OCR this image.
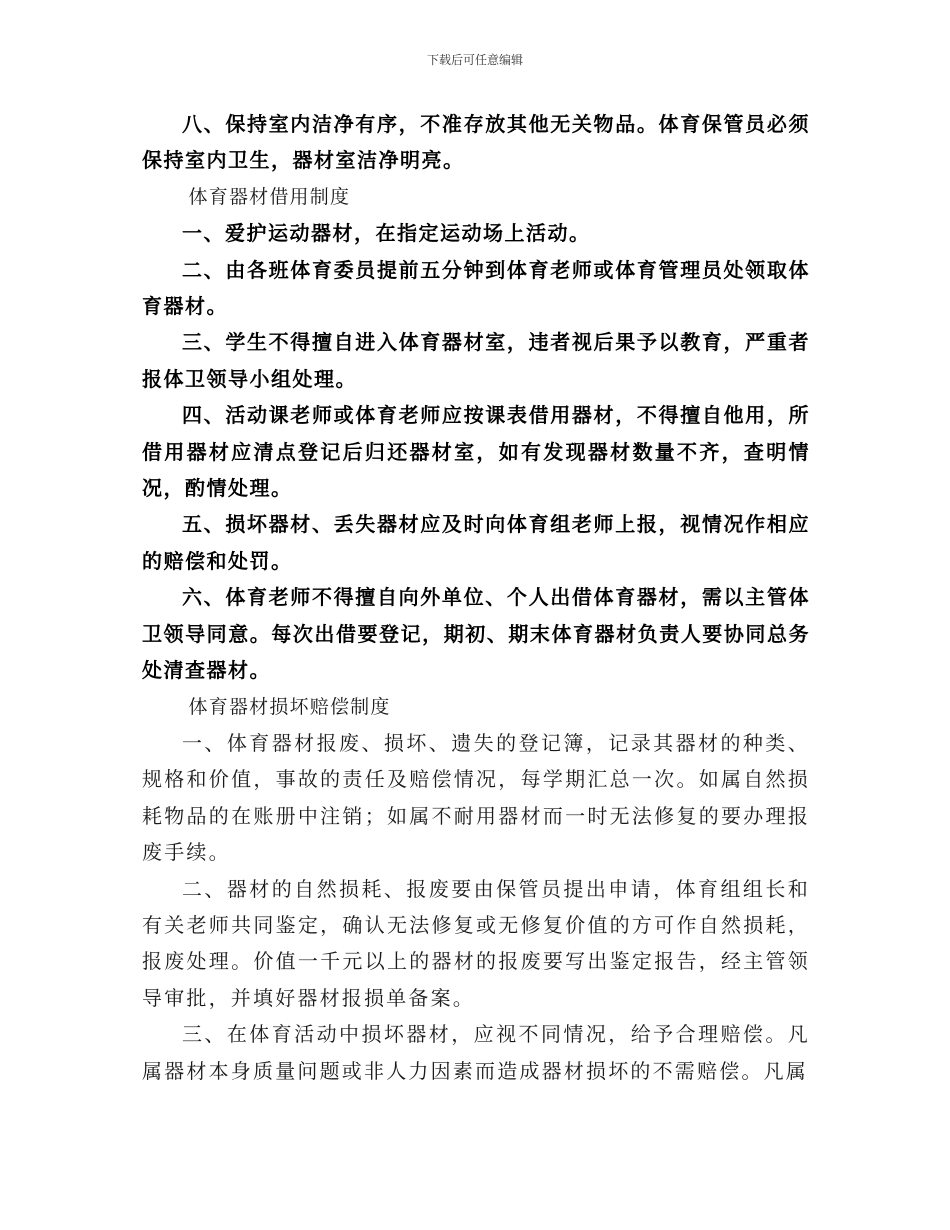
下载后可任意编辑

八、保持室内洁净有序，不准存放其他无关物品。体育保管员必须保持室内卫生，器材室洁净明亮。

体育器材借用制度

一、爱护运动器材，在指定运动场上活动。

二、由各班体育委员提前五分钟到体育老师或体育管理员处领取体育器材。

三、学生不得擅自进入体育器材室，违者视后果予以教育，严重者报体卫领导小组处理。

四、活动课老师或体育老师应按课表借用器材，不得擅自他用，所借用器材应清点登记后归还器材室，如有发现器材数量不齐，查明情况，酌情处理。

五、损坏器材、丢失器材应及时向体育组老师上报，视情况作相应的赔偿和处罚。

六、体育老师不得擅自向外单位、个人出借体育器材，需以主管体卫领导同意。每次出借要登记，期初、期末体育器材负责人要协同总务处清查器材。

体育器材损坏赔偿制度

一、体育器材报废、损坏、遗失的登记簿，记录其器材的种类、规格和价值，事故的责任及赔偿情况，每学期汇总一次。如属自然损耗物品的在账册中注销；如属不耐用器材而一时无法修复的要办理报废手续。

二、器材的自然损耗、报废要由保管员提出申请，体育组组长和有关老师共同鉴定，确认无法修复或无修复价值的方可作自然损耗，报废处理。价值一千元以上的器材的报废要写出鉴定报告，经主管领导审批，并填好器材报损单备案。

三、在体育活动中损坏器材，应视不同情况，给予合理赔偿。凡属器材本身质量问题或非人力因素而造成器材损坏的不需赔偿。凡属
